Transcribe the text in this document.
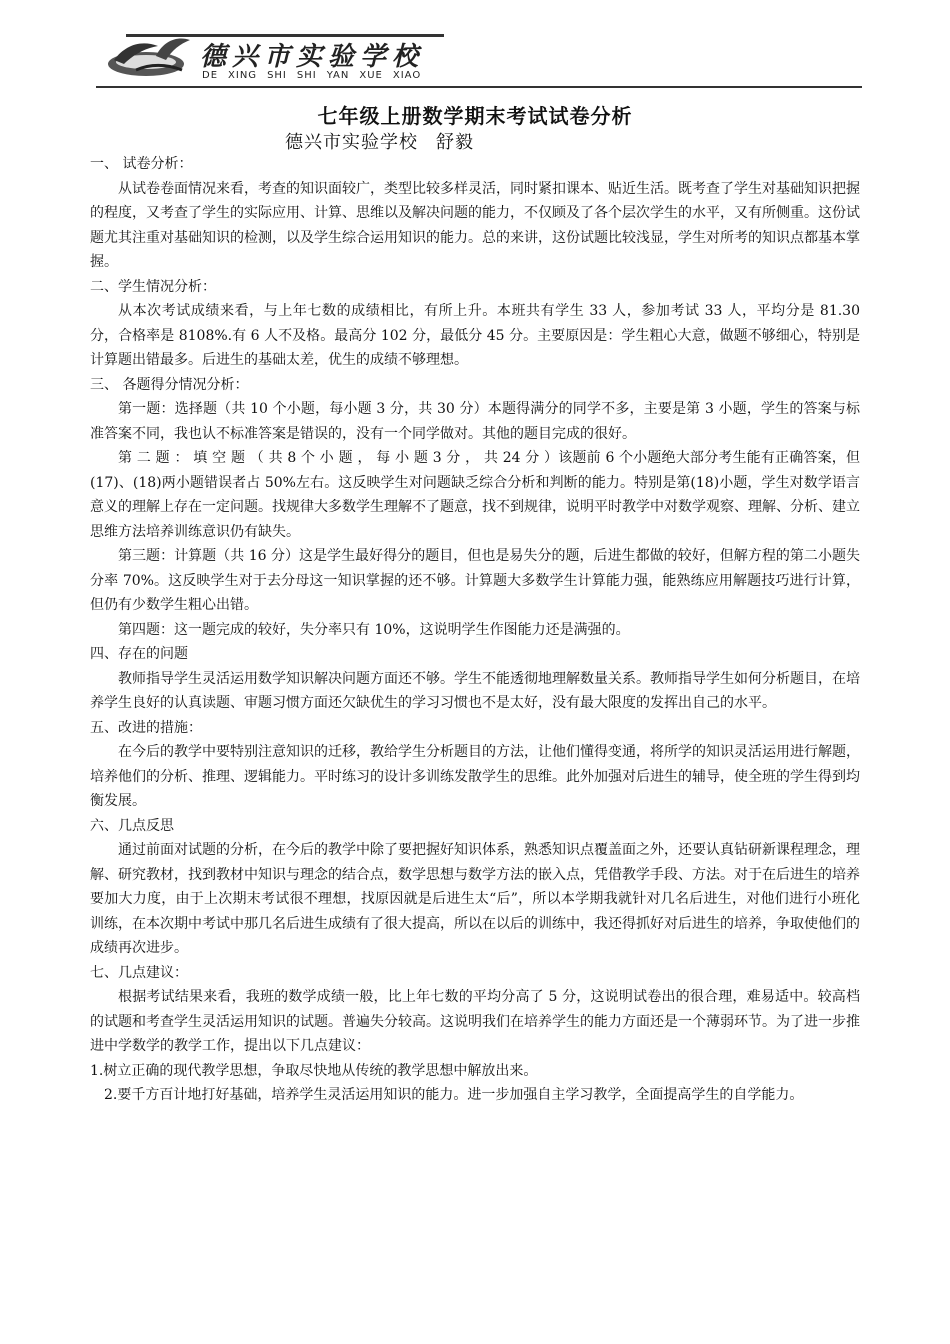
德兴市实验学校
DE XING SHI SHI YAN XUE XIAO
七年级上册数学期末考试试卷分析
德兴市实验学校 舒毅

一、 试卷分析：

从试卷卷面情况来看，考查的知识面较广，类型比较多样灵活，同时紧扣课本、贴近生活。既考查了学生对基础知识把握的程度，又考查了学生的实际应用、计算、思维以及解决问题的能力，不仅顾及了各个层次学生的水平，又有所侧重。这份试题尤其注重对基础知识的检测，以及学生综合运用知识的能力。总的来讲，这份试题比较浅显，学生对所考的知识点都基本掌握。

二、学生情况分析：

从本次考试成绩来看，与上年七数的成绩相比，有所上升。本班共有学生 33 人，参加考试 33 人，平均分是 81.30 分，合格率是 8108%.有 6 人不及格。最高分 102 分，最低分 45 分。主要原因是：学生粗心大意，做题不够细心，特别是计算题出错最多。后进生的基础太差，优生的成绩不够理想。

三、 各题得分情况分析：

第一题：选择题（共 10 个小题，每小题 3 分，共 30 分）本题得满分的同学不多，主要是第 3 小题，学生的答案与标准答案不同，我也认不标准答案是错误的，没有一个同学做对。其他的题目完成的很好。

第 二 题 ： 填 空 题 （ 共 8 个 小 题 ， 每 小 题 3 分 ， 共 24 分 ）该题前 6 个小题绝大部分考生能有正确答案，但(17)、(18)两小题错误者占 50%左右。这反映学生对问题缺乏综合分析和判断的能力。特别是第(18)小题，学生对数学语言意义的理解上存在一定问题。找规律大多数学生理解不了题意，找不到规律，说明平时教学中对数学观察、理解、分析、建立思维方法培养训练意识仍有缺失。

第三题：计算题（共 16 分）这是学生最好得分的题目，但也是易失分的题，后进生都做的较好，但解方程的第二小题失分率 70%。这反映学生对于去分母这一知识掌握的还不够。计算题大多数学生计算能力强，能熟练应用解题技巧进行计算，但仍有少数学生粗心出错。

第四题：这一题完成的较好，失分率只有 10%，这说明学生作图能力还是满强的。

四、存在的问题

教师指导学生灵活运用数学知识解决问题方面还不够。学生不能透彻地理解数量关系。教师指导学生如何分析题目，在培养学生良好的认真读题、审题习惯方面还欠缺优生的学习习惯也不是太好，没有最大限度的发挥出自己的水平。

五、改进的措施：

在今后的教学中要特别注意知识的迁移，教给学生分析题目的方法，让他们懂得变通，将所学的知识灵活运用进行解题，培养他们的分析、推理、逻辑能力。平时练习的设计多训练发散学生的思维。此外加强对后进生的辅导，使全班的学生得到均衡发展。

六、几点反思

通过前面对试题的分析，在今后的教学中除了要把握好知识体系，熟悉知识点覆盖面之外，还要认真钻研新课程理念，理解、研究教材，找到教材中知识与理念的结合点，数学思想与数学方法的嵌入点，凭借教学手段、方法。对于在后进生的培养要加大力度，由于上次期末考试很不理想，找原因就是后进生太“后”，所以本学期我就针对几名后进生，对他们进行小班化训练，在本次期中考试中那几名后进生成绩有了很大提高，所以在以后的训练中，我还得抓好对后进生的培养，争取使他们的成绩再次进步。

七、几点建议：

根据考试结果来看，我班的数学成绩一般，比上年七数的平均分高了 5 分，这说明试卷出的很合理，难易适中。较高档的试题和考查学生灵活运用知识的试题。普遍失分较高。这说明我们在培养学生的能力方面还是一个薄弱环节。为了进一步推进中学数学的教学工作，提出以下几点建议：

1.树立正确的现代教学思想，争取尽快地从传统的教学思想中解放出来。

2.要千方百计地打好基础，培养学生灵活运用知识的能力。进一步加强自主学习教学，全面提高学生的自学能力。
